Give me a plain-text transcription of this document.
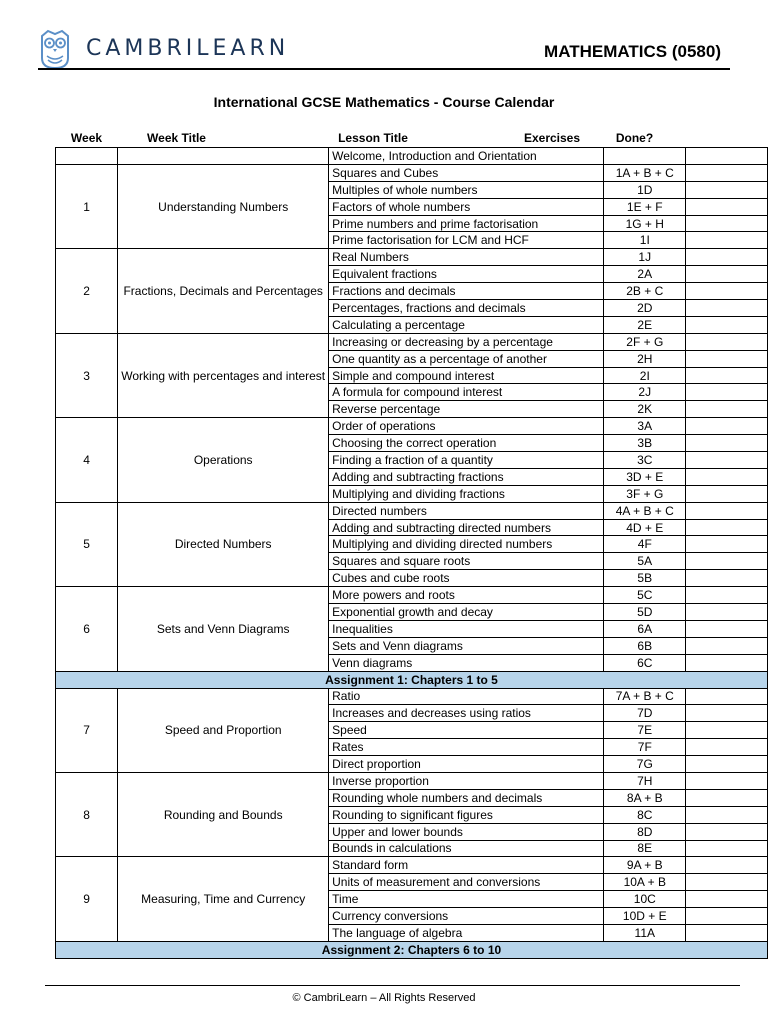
CAMBRILEARN	MATHEMATICS (0580)
International GCSE Mathematics - Course Calendar
Week	Week Title	Lesson Title	Exercises	Done?
		Welcome, Introduction and Orientation		
1	Understanding Numbers	Squares and Cubes	1A + B + C	
		Multiples of whole numbers	1D	
		Factors of whole numbers	1E + F	
		Prime numbers and prime factorisation	1G + H	
		Prime factorisation for LCM and HCF	1I	
2	Fractions, Decimals and Percentages	Real Numbers	1J	
		Equivalent fractions	2A	
		Fractions and decimals	2B + C	
		Percentages, fractions and decimals	2D	
		Calculating a percentage	2E	
3	Working with percentages and interest	Increasing or decreasing by a percentage	2F + G	
		One quantity as a percentage of another	2H	
		Simple and compound interest	2I	
		A formula for compound interest	2J	
		Reverse percentage	2K	
4	Operations	Order of operations	3A	
		Choosing the correct operation	3B	
		Finding a fraction of a quantity	3C	
		Adding and subtracting fractions	3D + E	
		Multiplying and dividing fractions	3F + G	
5	Directed Numbers	Directed numbers	4A + B + C	
		Adding and subtracting directed numbers	4D + E	
		Multiplying and dividing directed numbers	4F	
		Squares and square roots	5A	
		Cubes and cube roots	5B	
6	Sets and Venn Diagrams	More powers and roots	5C	
		Exponential growth and decay	5D	
		Inequalities	6A	
		Sets and Venn diagrams	6B	
		Venn diagrams	6C	
Assignment 1: Chapters 1 to 5				
7	Speed and Proportion	Ratio	7A + B + C	
		Increases and decreases using ratios	7D	
		Speed	7E	
		Rates	7F	
		Direct proportion	7G	
8	Rounding and Bounds	Inverse proportion	7H	
		Rounding whole numbers and decimals	8A + B	
		Rounding to significant figures	8C	
		Upper and lower bounds	8D	
		Bounds in calculations	8E	
9	Measuring, Time and Currency	Standard form	9A + B	
		Units of measurement and conversions	10A + B	
		Time	10C	
		Currency conversions	10D + E	
		The language of algebra	11A	
Assignment 2: Chapters 6 to 10				
© CambriLearn – All Rights Reserved
